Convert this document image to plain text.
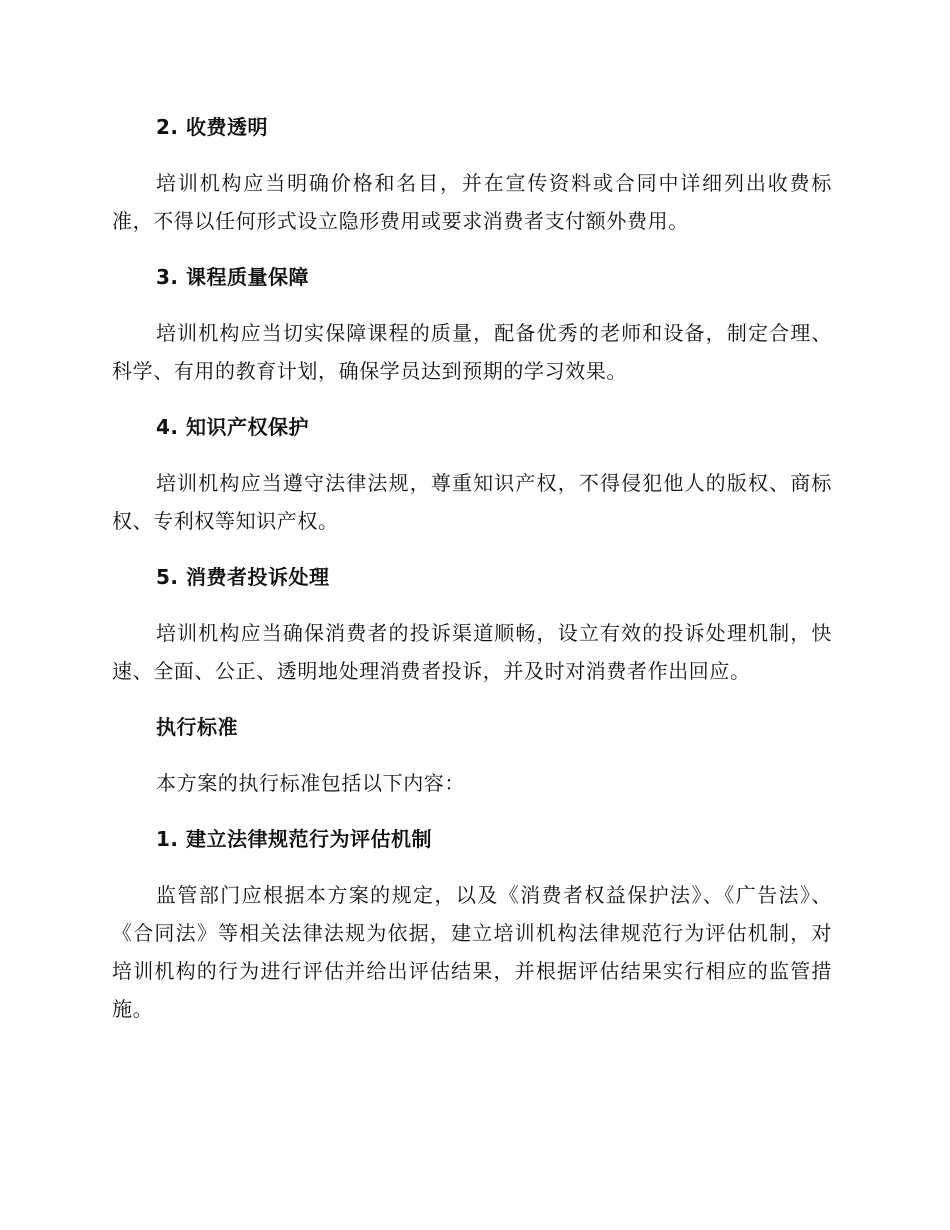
2. 收费透明

培训机构应当明确价格和名目，并在宣传资料或合同中详细列出收费标准，不得以任何形式设立隐形费用或要求消费者支付额外费用。

3. 课程质量保障

培训机构应当切实保障课程的质量，配备优秀的老师和设备，制定合理、科学、有用的教育计划，确保学员达到预期的学习效果。

4. 知识产权保护

培训机构应当遵守法律法规，尊重知识产权，不得侵犯他人的版权、商标权、专利权等知识产权。

5. 消费者投诉处理

培训机构应当确保消费者的投诉渠道顺畅，设立有效的投诉处理机制，快速、全面、公正、透明地处理消费者投诉，并及时对消费者作出回应。

执行标准

本方案的执行标准包括以下内容：

1. 建立法律规范行为评估机制

监管部门应根据本方案的规定，以及《消费者权益保护法》、《广告法》、《合同法》等相关法律法规为依据，建立培训机构法律规范行为评估机制，对培训机构的行为进行评估并给出评估结果，并根据评估结果实行相应的监管措施。
